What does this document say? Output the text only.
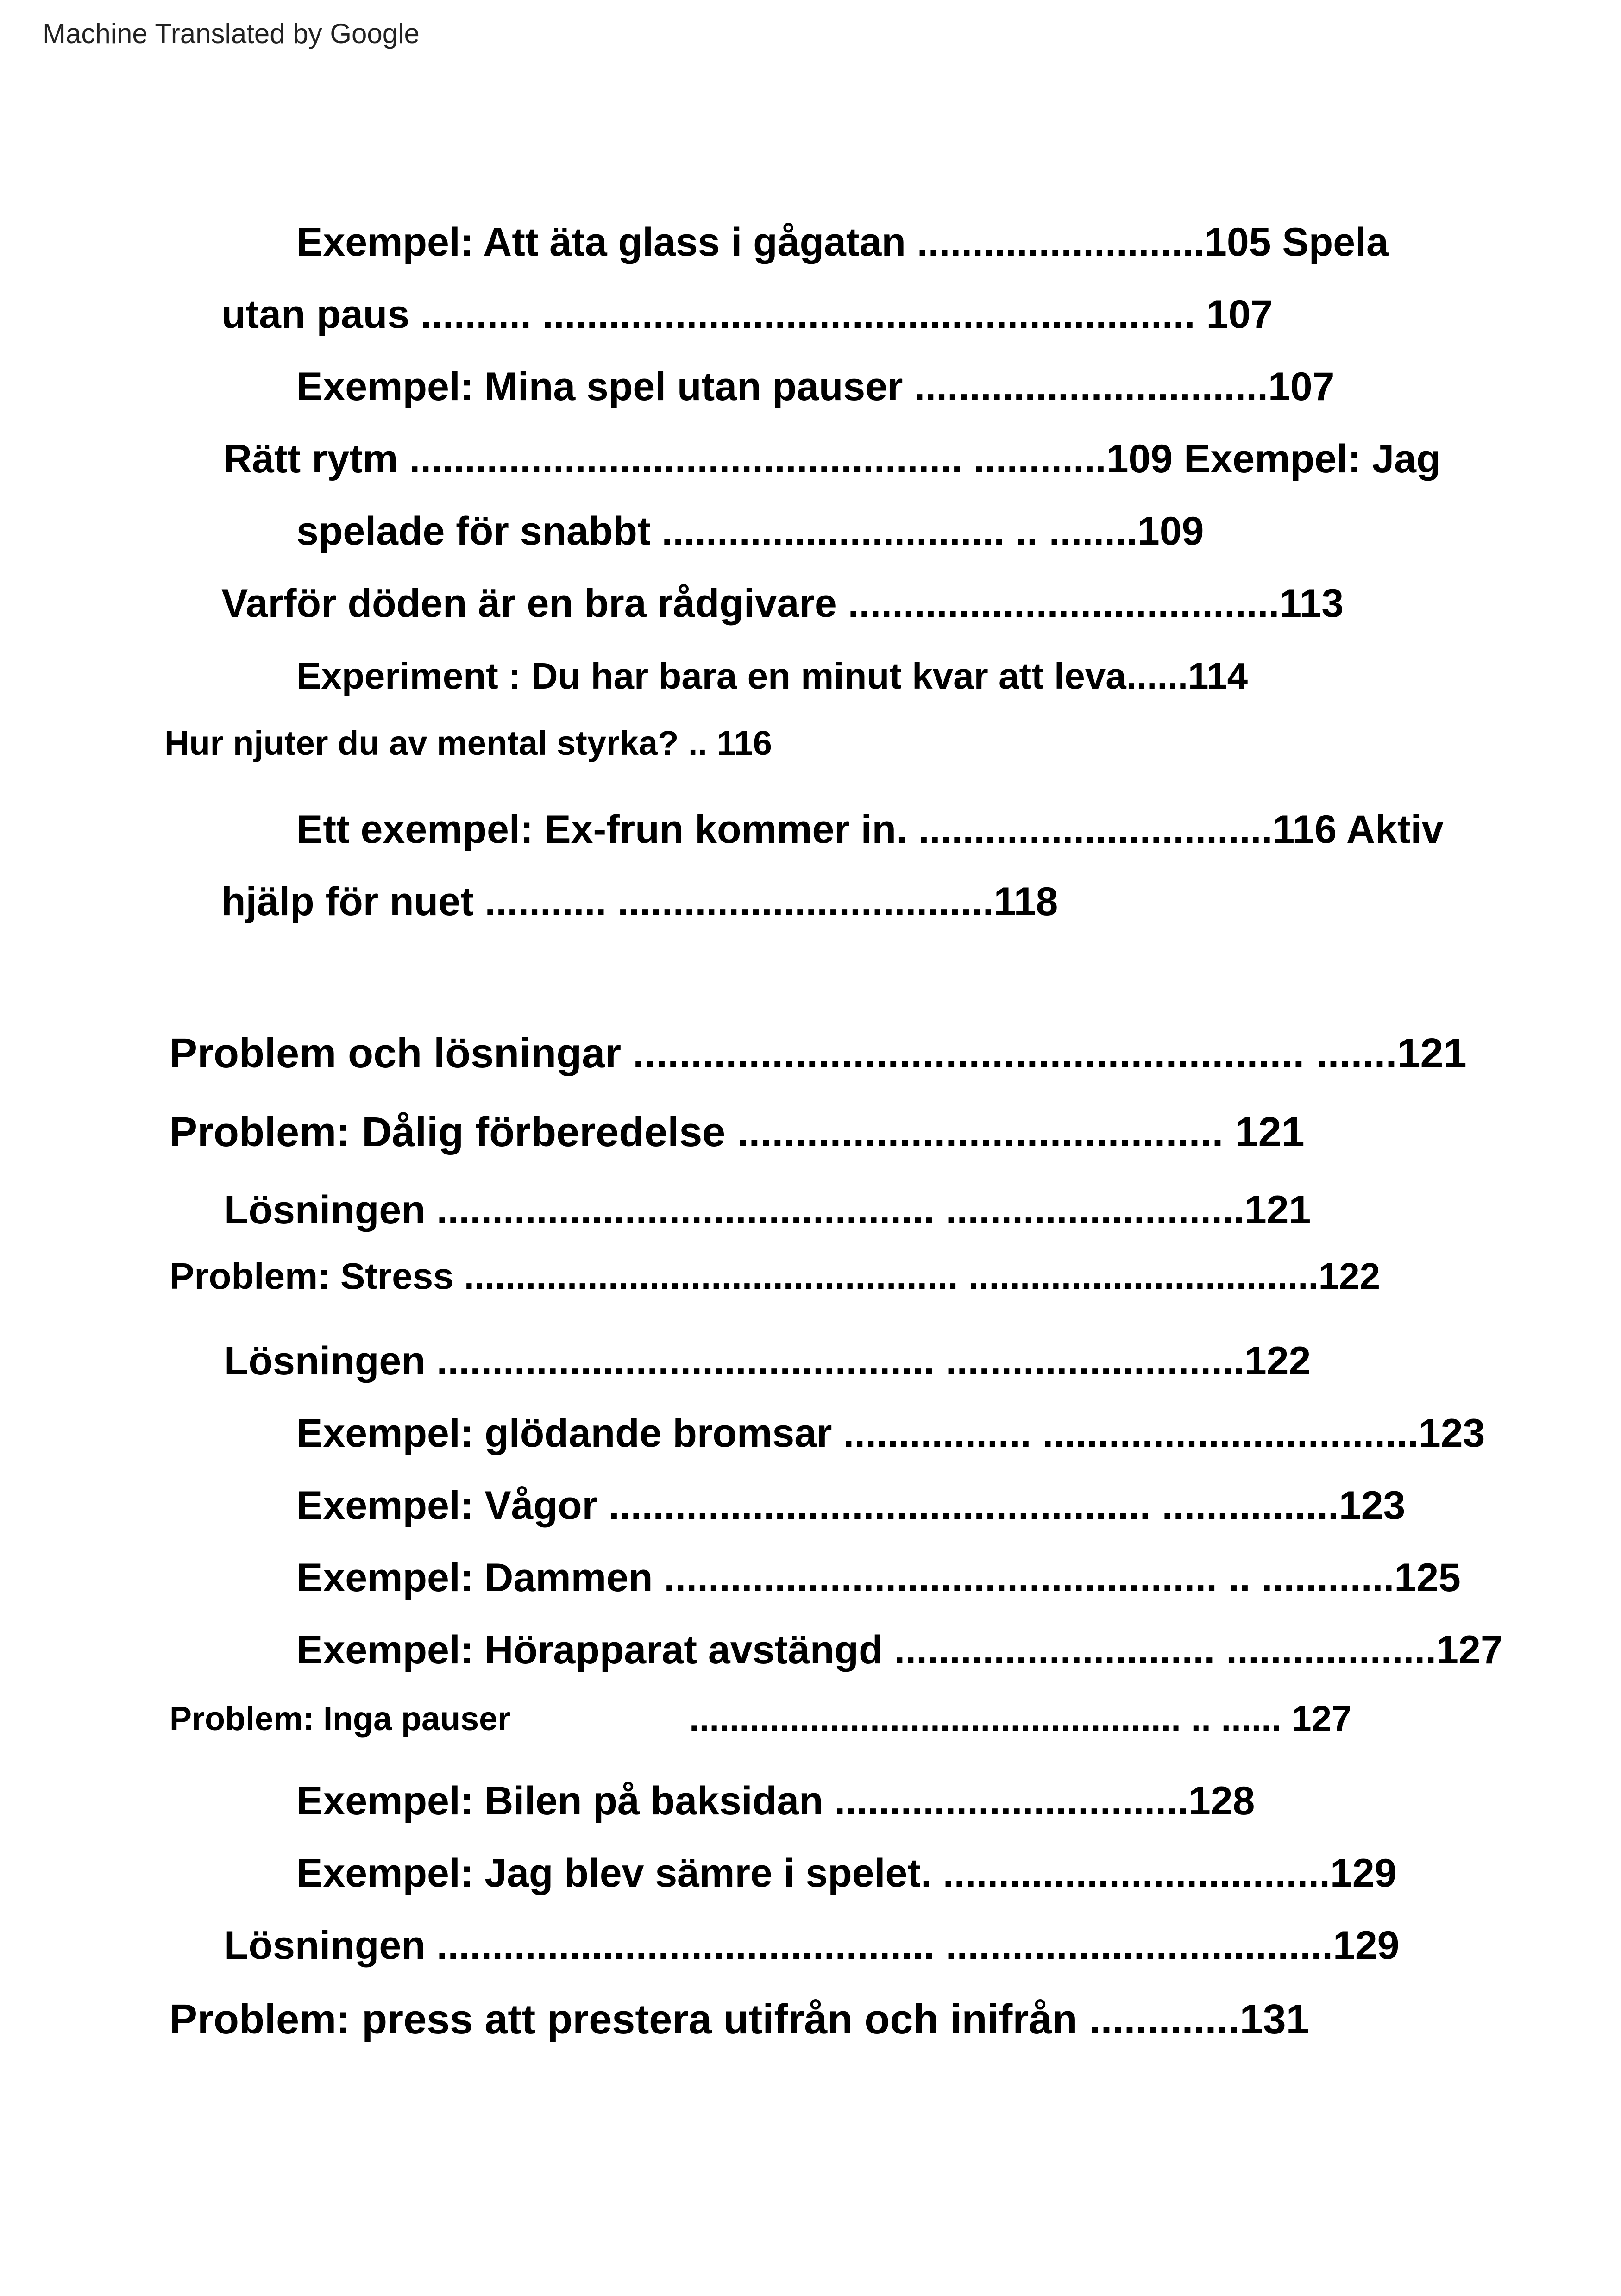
Machine Translated by Google
Exempel: Att äta glass i gågatan ..........................105 Spela
utan paus .......... ........................................................... 107
Exempel: Mina spel utan pauser ................................107
Rätt rytm .................................................. ............109 Exempel: Jag
spelade för snabbt ............................... .. ........109
Varför döden är en bra rådgivare .......................................113
Experiment : Du har bara en minut kvar att leva......114
Hur njuter du av mental styrka? .. 116
Ett exempel: Ex-frun kommer in. ................................116 Aktiv
hjälp för nuet ........... ..................................118
Problem och lösningar .......................................................... .......121
Problem: Dålig förberedelse .......................................... 121
Lösningen ............................................. ...........................121
Problem: Stress ................................................ ..................................122
Lösningen ............................................. ...........................122
Exempel: glödande bromsar ................. ..................................123
Exempel: Vågor ................................................. ................123
Exempel: Dammen .................................................. .. ............125
Exempel: Hörapparat avstängd ............................. ...................127
Problem: Inga pauser	................................................. .. ...... 127
Exempel: Bilen på baksidan ................................128
Exempel: Jag blev sämre i spelet. ...................................129
Lösningen ............................................. ...................................129
Problem: press att prestera utifrån och inifrån .............131
